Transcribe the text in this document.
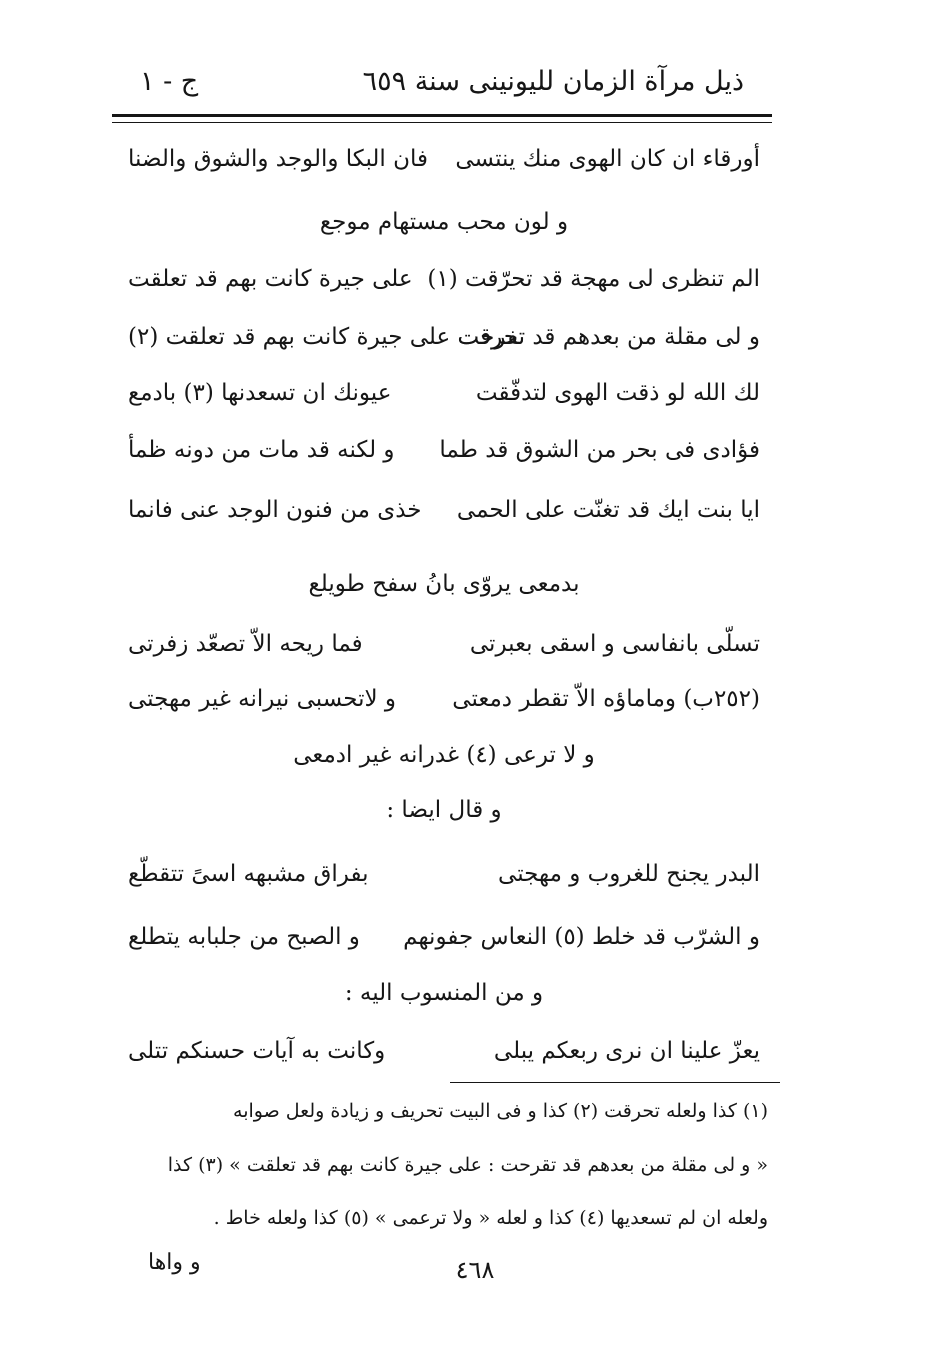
ذيل مرآة الزمان لليونينى سنة ٦٥٩
ج - ١
أورقاء ان كان الهوى منك ينتسى
فان البكا والوجد والشوق والضنا
و لون محب مستهام موجع
الم تنظرى لى مهجة قد تحرّقت (١)
على جيرة كانت بهم قد تعلقت
و لى مقلة من بعدهم قد تحرقت
تفرحت على جيرة كانت بهم قد تعلقت (٢)
لك الله لو ذقت الهوى لتدفّقت
عيونك ان تسعدنها (٣) بادمع
فؤادى فى بحر من الشوق قد طما
و لكنه قد مات من دونه ظمأ
ايا بنت ايك قد تغنّت على الحمى
خذى من فنون الوجد عنى فانما
بدمعى يروّى بانُ سفح طويلع
تسلّى بانفاسى و اسقى بعبرتى
فما ريحه الاّ تصعّد زفرتى
(٢٥٢ب) وماماؤه الاّ تقطر دمعتى
و لاتحسبى نيرانه غير مهجتى
و لا ترعى (٤) غدرانه غير ادمعى
و قال ايضا :
البدر يجنح للغروب و مهجتى
بفراق مشبهه اسىً تتقطّع
و الشرّب قد خلط (٥) النعاس جفونهم
و الصبح من جلبابه يتطلع
و من المنسوب اليه :
يعزّ علينا ان نرى ربعكم يبلى
وكانت به آيات حسنكم تتلى
(١) كذا ولعله تحرقت (٢) كذا و فى البيت تحريف و زيادة ولعل صوابه
« و لى مقلة من بعدهم قد تقرحت : على جيرة كانت بهم قد تعلقت » (٣) كذا
ولعله ان لم تسعديها (٤) كذا و لعله « ولا ترعمى » (٥) كذا ولعله خاط .
و واها	٤٦٨
